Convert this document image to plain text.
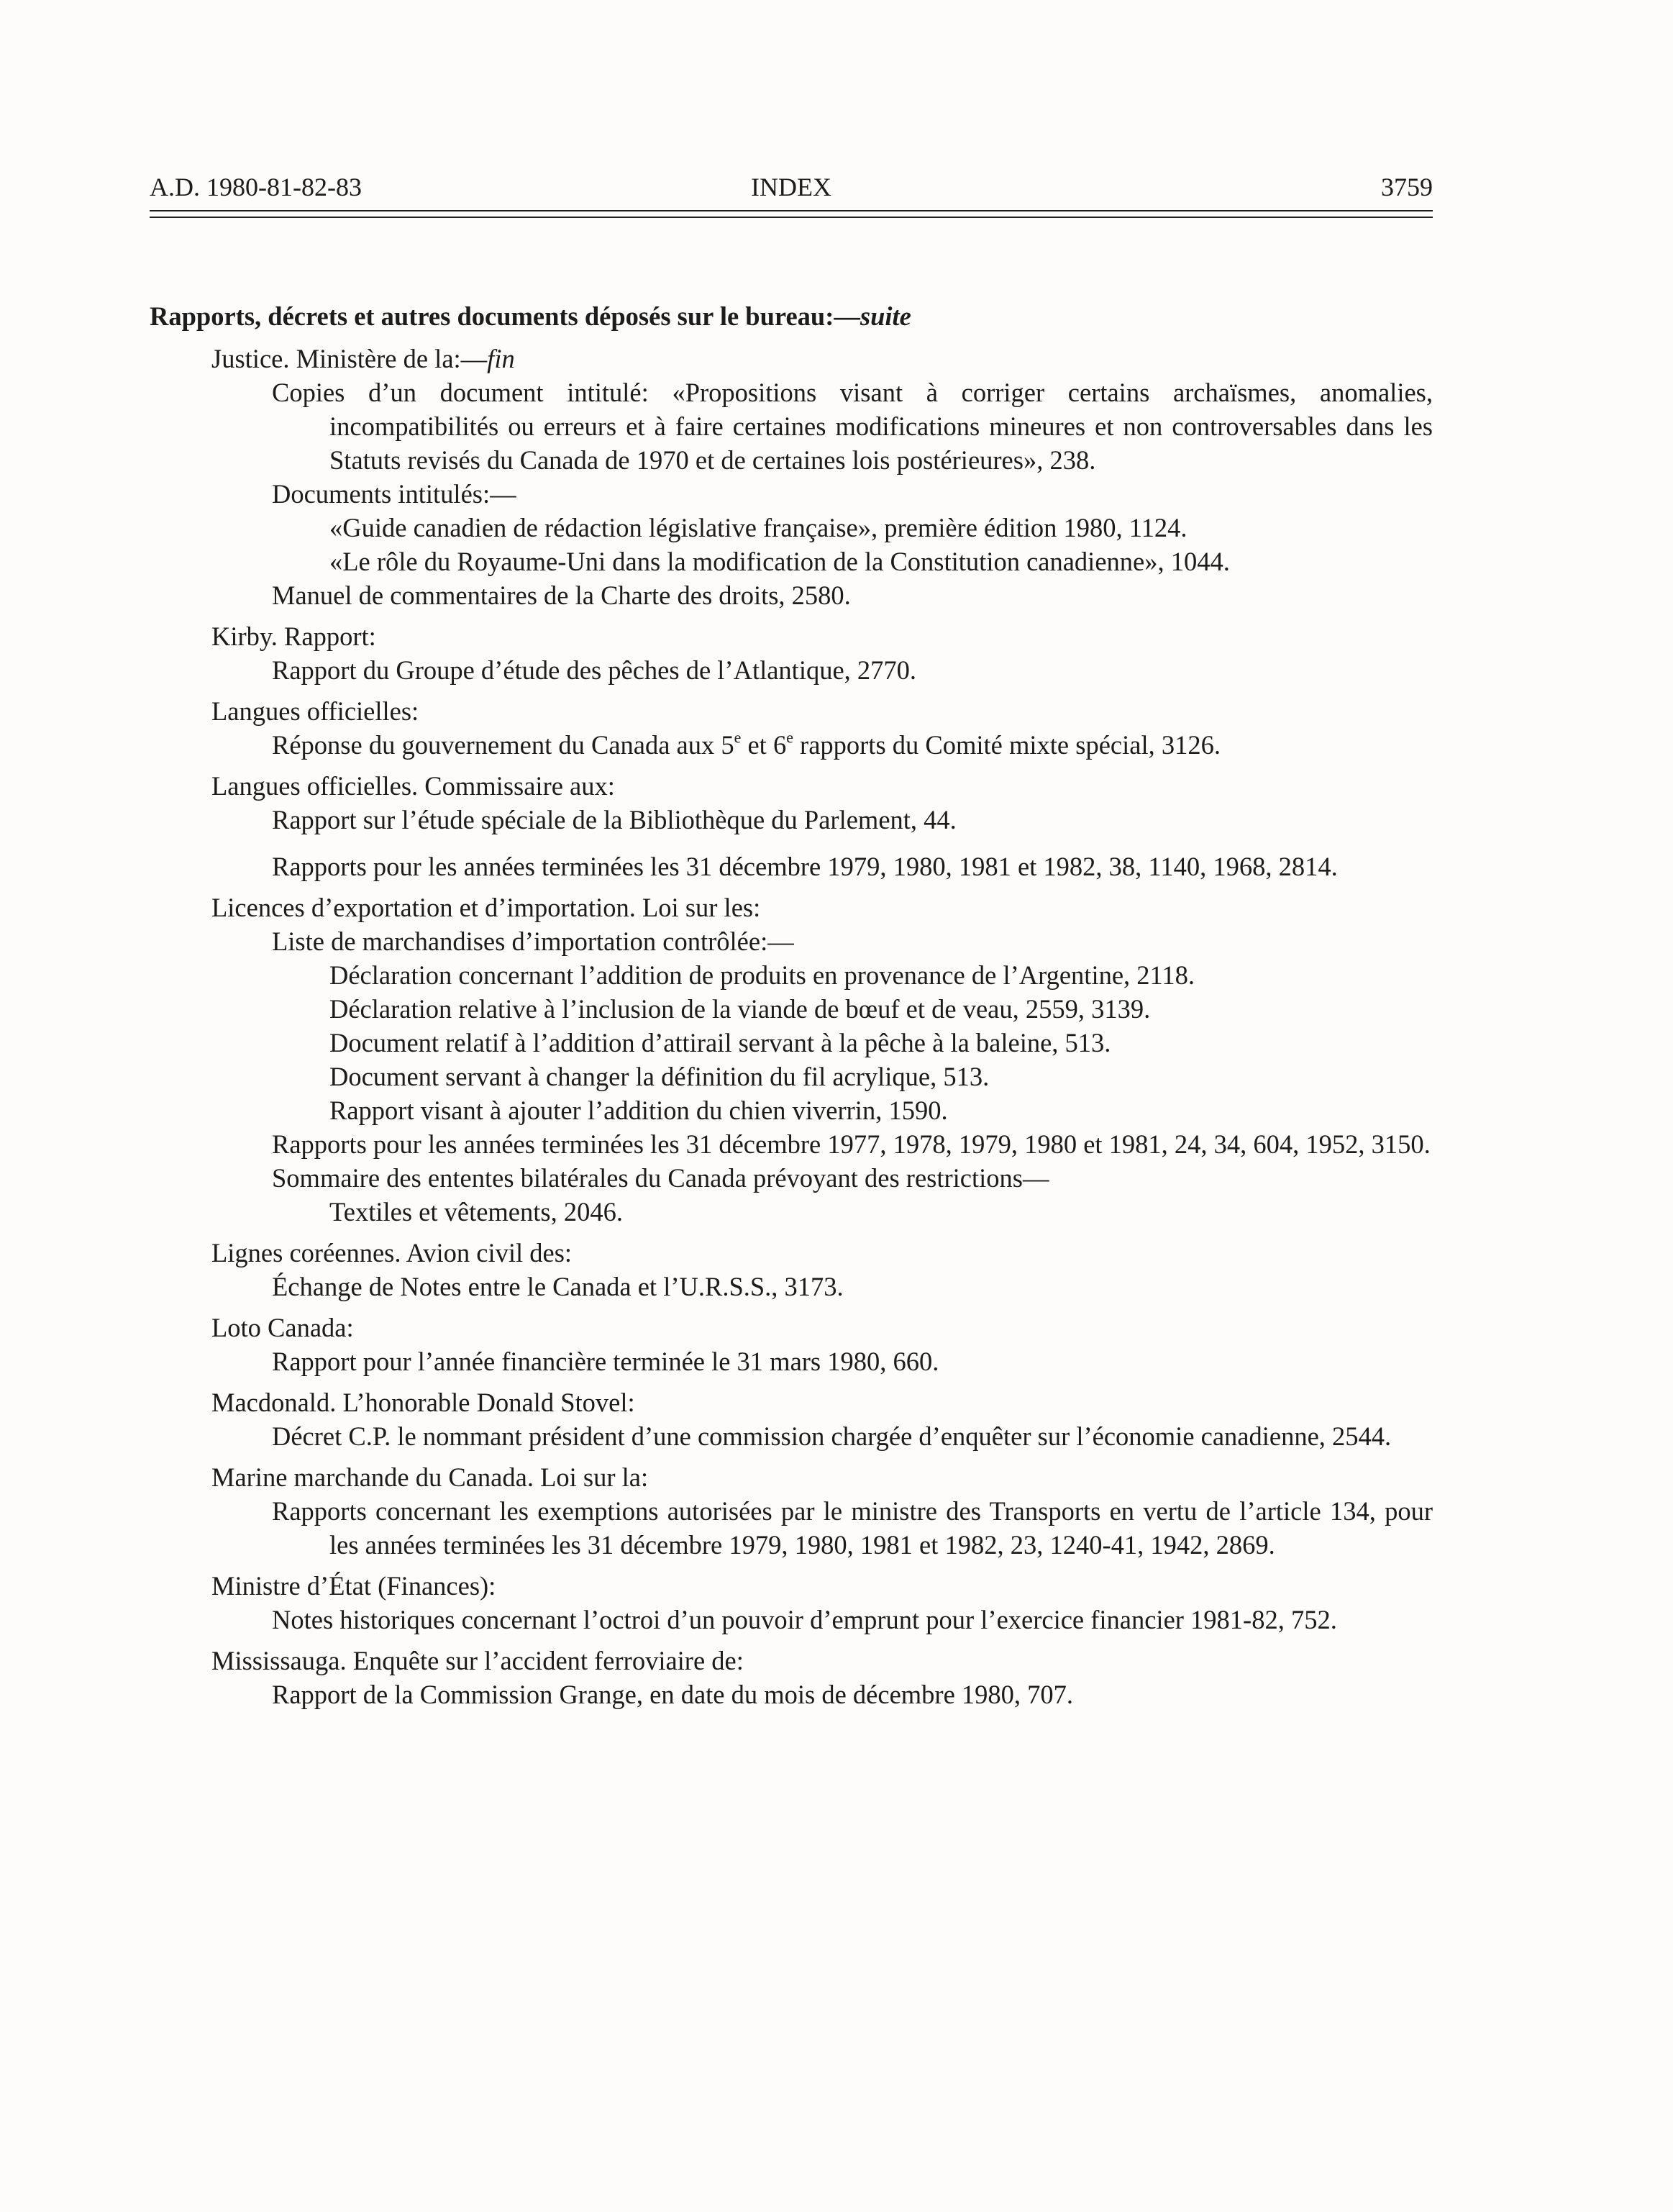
A.D. 1980-81-82-83	INDEX	3759
Rapports, décrets et autres documents déposés sur le bureau:—suite
Justice. Ministère de la:—fin
Copies d’un document intitulé: «Propositions visant à corriger certains archaïsmes, anomalies, incompatibilités ou erreurs et à faire certaines modifications mineures et non controversables dans les Statuts revisés du Canada de 1970 et de certaines lois postérieures», 238.
Documents intitulés:—
«Guide canadien de rédaction législative française», première édition 1980, 1124.
«Le rôle du Royaume-Uni dans la modification de la Constitution canadienne», 1044.
Manuel de commentaires de la Charte des droits, 2580.
Kirby. Rapport:
Rapport du Groupe d’étude des pêches de l’Atlantique, 2770.
Langues officielles:
Réponse du gouvernement du Canada aux 5e et 6e rapports du Comité mixte spécial, 3126.
Langues officielles. Commissaire aux:
Rapport sur l’étude spéciale de la Bibliothèque du Parlement, 44.
Rapports pour les années terminées les 31 décembre 1979, 1980, 1981 et 1982, 38, 1140, 1968, 2814.
Licences d’exportation et d’importation. Loi sur les:
Liste de marchandises d’importation contrôlée:—
Déclaration concernant l’addition de produits en provenance de l’Argentine, 2118.
Déclaration relative à l’inclusion de la viande de bœuf et de veau, 2559, 3139.
Document relatif à l’addition d’attirail servant à la pêche à la baleine, 513.
Document servant à changer la définition du fil acrylique, 513.
Rapport visant à ajouter l’addition du chien viverrin, 1590.
Rapports pour les années terminées les 31 décembre 1977, 1978, 1979, 1980 et 1981, 24, 34, 604, 1952, 3150.
Sommaire des ententes bilatérales du Canada prévoyant des restrictions—
Textiles et vêtements, 2046.
Lignes coréennes. Avion civil des:
Échange de Notes entre le Canada et l’U.R.S.S., 3173.
Loto Canada:
Rapport pour l’année financière terminée le 31 mars 1980, 660.
Macdonald. L’honorable Donald Stovel:
Décret C.P. le nommant président d’une commission chargée d’enquêter sur l’économie canadienne, 2544.
Marine marchande du Canada. Loi sur la:
Rapports concernant les exemptions autorisées par le ministre des Transports en vertu de l’article 134, pour les années terminées les 31 décembre 1979, 1980, 1981 et 1982, 23, 1240-41, 1942, 2869.
Ministre d’État (Finances):
Notes historiques concernant l’octroi d’un pouvoir d’emprunt pour l’exercice financier 1981-82, 752.
Mississauga. Enquête sur l’accident ferroviaire de:
Rapport de la Commission Grange, en date du mois de décembre 1980, 707.
